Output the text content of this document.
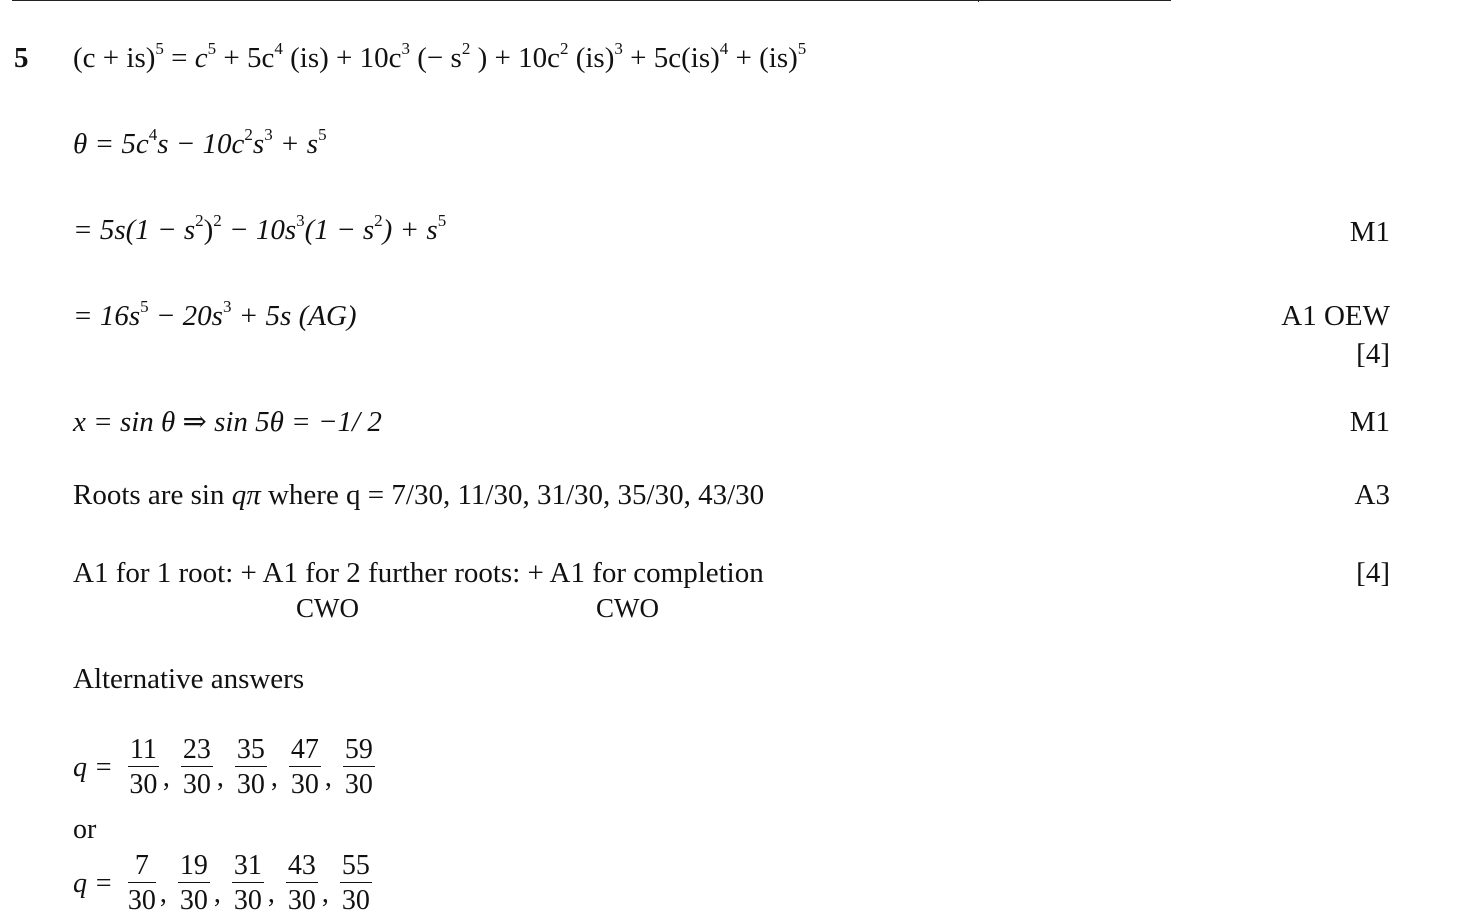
5 $(c + is)^5 = c^5 + 5c^4$ $(is) + 10c^3$ (− $s^2$ ) + $10c^2$ (is)$^3$ + 5c(is)$^4$ + (is)$^5$
$\theta = 5c^4s - 10c^2s^3 + s^5$
= $5s(1 - s^2)^2 - 10s^3(1 - s^2) + s^5$	M1
= $16s^5 - 20s^3 + 5s$ (AG)	A1 OEW
[4]
x = sin θ ⇒ sin 5θ = −1/ 2	M1
Roots are sin qπ where q = 7/30, 11/30, 31/30, 35/30, 43/30	A3
A1 for 1 root: + A1 for 2 further roots: + A1 for completion	[4]
CWO	CWO
Alternative answers
$q = \frac{11}{30}$ , $\frac{23}{30}$ , $\frac{35}{30}$ , $\frac{47}{30}$ , $\frac{59}{30}$
or
$q = \frac{7}{30}$ , $\frac{19}{30}$ , $\frac{31}{30}$ , $\frac{43}{30}$ , $\frac{55}{30}$
